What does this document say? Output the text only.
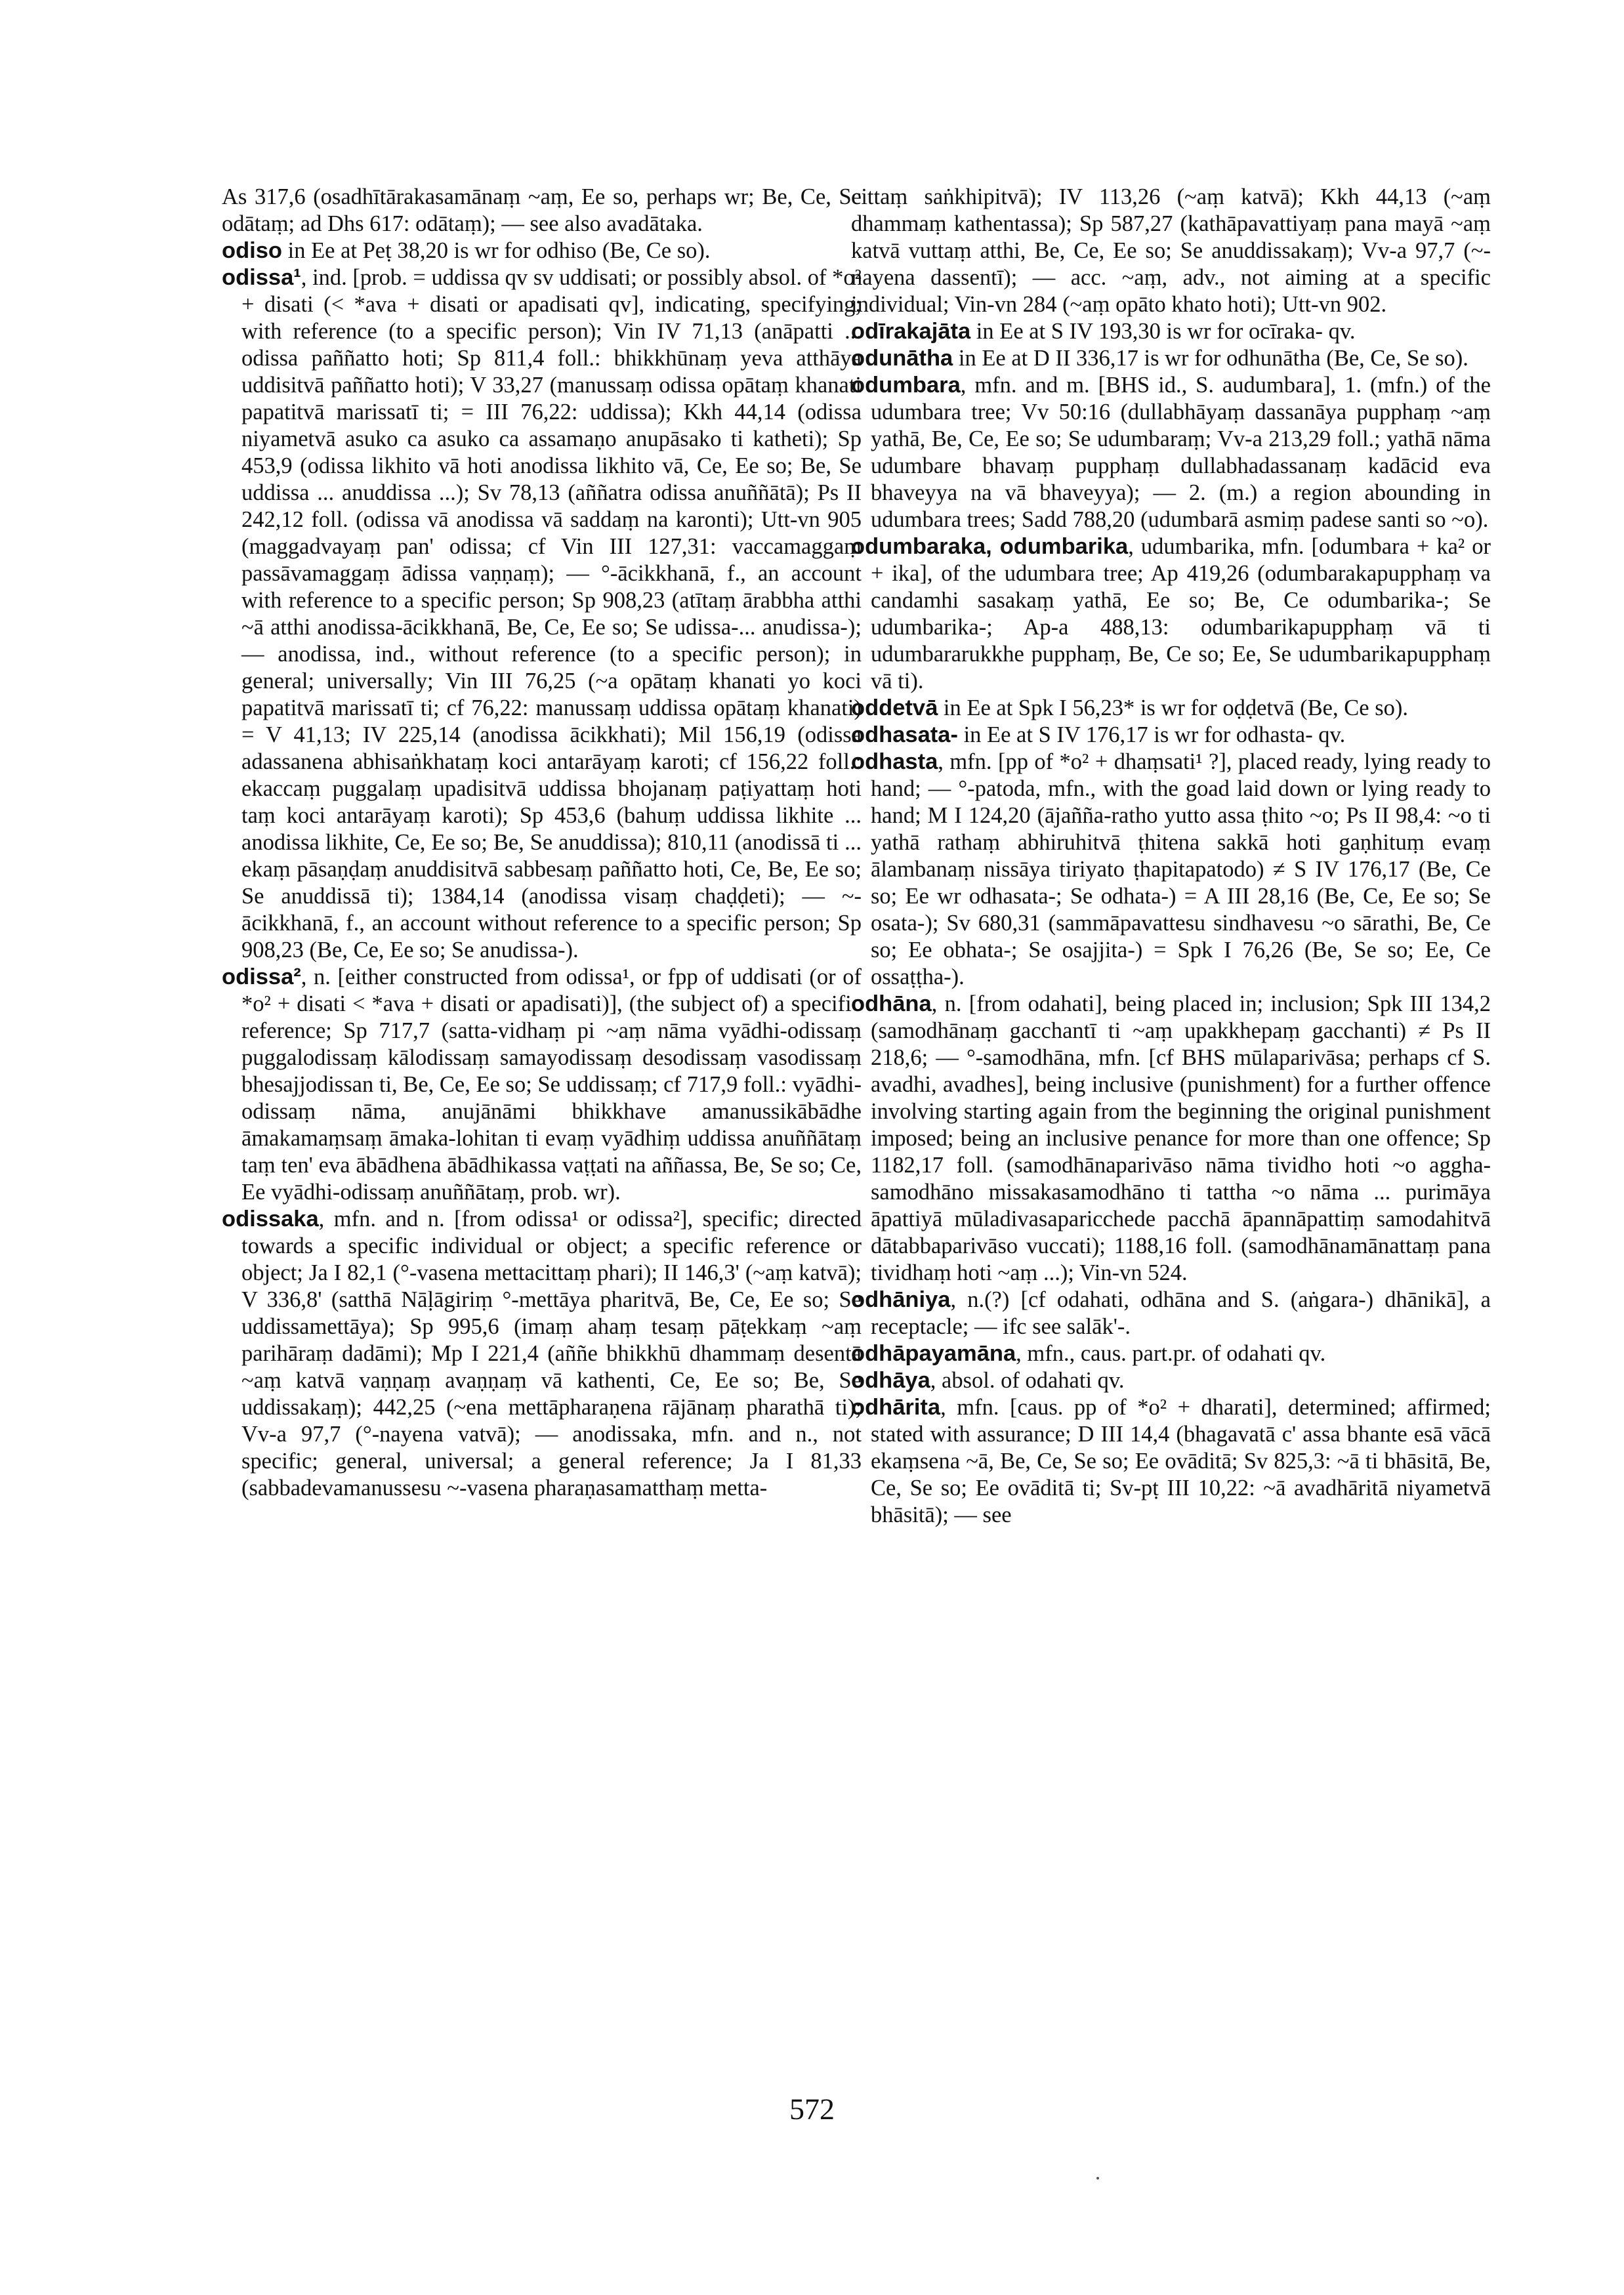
As 317,6 (osadhītārakasamānaṃ ~aṃ, Ee so, perhaps wr; Be, Ce, Se odātaṃ; ad Dhs 617: odātaṃ); — see also avadātaka.

odiso in Ee at Peṭ 38,20 is wr for odhiso (Be, Ce so).

odissa¹, ind. [prob. = uddissa qv sv uddisati; or possibly absol. of *o² + disati (< *ava + disati or apadisati qv], indicating, specifying; with reference (to a specific person); Vin IV 71,13 (anāpatti ... odissa paññatto hoti; Sp 811,4 foll.: bhikkhūnaṃ yeva atthāya uddisitvā paññatto hoti); V 33,27 (manussaṃ odissa opātaṃ khanati papatitvā marissatī ti; = III 76,22: uddissa); Kkh 44,14 (odissa niyametvā asuko ca asuko ca assamaṇo anupāsako ti katheti); Sp 453,9 (odissa likhito vā hoti anodissa likhito vā, Ce, Ee so; Be, Se uddissa ... anuddissa ...); Sv 78,13 (aññatra odissa anuññātā); Ps II 242,12 foll. (odissa vā anodissa vā saddaṃ na karonti); Utt-vn 905 (maggadvayaṃ pan' odissa; cf Vin III 127,31: vaccamaggaṃ passāvamaggaṃ ādissa vaṇṇaṃ); — °-ācikkhanā, f., an account with reference to a specific person; Sp 908,23 (atītaṃ ārabbha atthi ~ā atthi anodissa-ācikkhanā, Be, Ce, Ee so; Se udissa-... anudissa-); — anodissa, ind., without reference (to a specific person); in general; universally; Vin III 76,25 (~a opātaṃ khanati yo koci papatitvā marissatī ti; cf 76,22: manussaṃ uddissa opātaṃ khanati) = V 41,13; IV 225,14 (anodissa ācikkhati); Mil 156,19 (odissa adassanena abhisaṅkhataṃ koci antarāyaṃ karoti; cf 156,22 foll.: ekaccaṃ puggalaṃ upadisitvā uddissa bhojanaṃ paṭiyattaṃ hoti taṃ koci antarāyaṃ karoti); Sp 453,6 (bahuṃ uddissa likhite ... anodissa likhite, Ce, Ee so; Be, Se anuddissa); 810,11 (anodissā ti ... ekaṃ pāsaṇḍaṃ anuddisitvā sabbesaṃ paññatto hoti, Ce, Be, Ee so; Se anuddissā ti); 1384,14 (anodissa visaṃ chaḍḍeti); — ~-ācikkhanā, f., an account without reference to a specific person; Sp 908,23 (Be, Ce, Ee so; Se anudissa-).

odissa², n. [either constructed from odissa¹, or fpp of uddisati (or of *o² + disati < *ava + disati or apadisati)], (the subject of) a specific reference; Sp 717,7 (satta-vidhaṃ pi ~aṃ nāma vyādhi-odissaṃ puggalodissaṃ kālodissaṃ samayodissaṃ desodissaṃ vasodissaṃ bhesajjodissan ti, Be, Ce, Ee so; Se uddissaṃ; cf 717,9 foll.: vyādhi-odissaṃ nāma, anujānāmi bhikkhave amanussikābādhe āmakamaṃsaṃ āmaka-lohitan ti evaṃ vyādhiṃ uddissa anuññātaṃ taṃ ten' eva ābādhena ābādhikassa vaṭṭati na aññassa, Be, Se so; Ce, Ee vyādhi-odissaṃ anuññātaṃ, prob. wr).

odissaka, mfn. and n. [from odissa¹ or odissa²], specific; directed towards a specific individual or object; a specific reference or object; Ja I 82,1 (°-vasena mettacittaṃ phari); II 146,3' (~aṃ katvā); V 336,8' (satthā Nāḷāgiriṃ °-mettāya pharitvā, Be, Ce, Ee so; Se uddissamettāya); Sp 995,6 (imaṃ ahaṃ tesaṃ pāṭekkaṃ ~aṃ parihāraṃ dadāmi); Mp I 221,4 (aññe bhikkhū dhammaṃ desentā ~aṃ katvā vaṇṇaṃ avaṇṇaṃ vā kathenti, Ce, Ee so; Be, Se uddissakaṃ); 442,25 (~ena mettāpharaṇena rājānaṃ pharathā ti); Vv-a 97,7 (°-nayena vatvā); — anodissaka, mfn. and n., not specific; general, universal; a general reference; Ja I 81,33 (sabbadevamanussesu ~-vasena pharaṇasamatthaṃ metta-

cittaṃ saṅkhipitvā); IV 113,26 (~aṃ katvā); Kkh 44,13 (~aṃ dhammaṃ kathentassa); Sp 587,27 (kathāpavattiyaṃ pana mayā ~aṃ katvā vuttaṃ atthi, Be, Ce, Ee so; Se anuddissakaṃ); Vv-a 97,7 (~-nayena dassentī); — acc. ~aṃ, adv., not aiming at a specific individual; Vin-vn 284 (~aṃ opāto khato hoti); Utt-vn 902.

odīrakajāta in Ee at S IV 193,30 is wr for ocīraka- qv.

odunātha in Ee at D II 336,17 is wr for odhunātha (Be, Ce, Se so).

odumbara, mfn. and m. [BHS id., S. audumbara], 1. (mfn.) of the udumbara tree; Vv 50:16 (dullabhāyaṃ dassanāya pupphaṃ ~aṃ yathā, Be, Ce, Ee so; Se udumbaraṃ; Vv-a 213,29 foll.; yathā nāma udumbare bhavaṃ pupphaṃ dullabhadassanaṃ kadācid eva bhaveyya na vā bhaveyya); — 2. (m.) a region abounding in udumbara trees; Sadd 788,20 (udumbarā asmiṃ padese santi so ~o).

odumbaraka, odumbarika, udumbarika, mfn. [odumbara + ka² or + ika], of the udumbara tree; Ap 419,26 (odumbarakapupphaṃ va candamhi sasakaṃ yathā, Ee so; Be, Ce odumbarika-; Se udumbarika-; Ap-a 488,13: odumbarikapupphaṃ vā ti udumbararukkhe pupphaṃ, Be, Ce so; Ee, Se udumbarikapupphaṃ vā ti).

oddetvā in Ee at Spk I 56,23* is wr for oḍḍetvā (Be, Ce so).

odhasata- in Ee at S IV 176,17 is wr for odhasta- qv.

odhasta, mfn. [pp of *o² + dhaṃsati¹ ?], placed ready, lying ready to hand; — °-patoda, mfn., with the goad laid down or lying ready to hand; M I 124,20 (ājañña-ratho yutto assa ṭhito ~o; Ps II 98,4: ~o ti yathā rathaṃ abhiruhitvā ṭhitena sakkā hoti gaṇhituṃ evaṃ ālambanaṃ nissāya tiriyato ṭhapitapatodo) ≠ S IV 176,17 (Be, Ce so; Ee wr odhasata-; Se odhata-) = A III 28,16 (Be, Ce, Ee so; Se osata-); Sv 680,31 (sammāpavattesu sindhavesu ~o sārathi, Be, Ce so; Ee obhata-; Se osajjita-) = Spk I 76,26 (Be, Se so; Ee, Ce ossaṭṭha-).

odhāna, n. [from odahati], being placed in; inclusion; Spk III 134,2 (samodhānaṃ gacchantī ti ~aṃ upakkhepaṃ gacchanti) ≠ Ps II 218,6; — °-samodhāna, mfn. [cf BHS mūlaparivāsa; perhaps cf S. avadhi, avadhes], being inclusive (punishment) for a further offence involving starting again from the beginning the original punishment imposed; being an inclusive penance for more than one offence; Sp 1182,17 foll. (samodhānaparivāso nāma tividho hoti ~o aggha-samodhāno missakasamodhāno ti tattha ~o nāma ... purimāya āpattiyā mūladivasaparicchede pacchā āpannāpattiṃ samodahitvā dātabbaparivāso vuccati); 1188,16 foll. (samodhānamānattaṃ pana tividhaṃ hoti ~aṃ ...); Vin-vn 524.

odhāniya, n.(?) [cf odahati, odhāna and S. (aṅgara-) dhānikā], a receptacle; — ifc see salāk'-.

odhāpayamāna, mfn., caus. part.pr. of odahati qv.

odhāya, absol. of odahati qv.

odhārita, mfn. [caus. pp of *o² + dharati], determined; affirmed; stated with assurance; D III 14,4 (bhagavatā c' assa bhante esā vācā ekaṃsena ~ā, Be, Ce, Se so; Ee ovāditā; Sv 825,3: ~ā ti bhāsitā, Be, Ce, Se so; Ee ovāditā ti; Sv-pṭ III 10,22: ~ā avadhāritā niyametvā bhāsitā); — see

572
